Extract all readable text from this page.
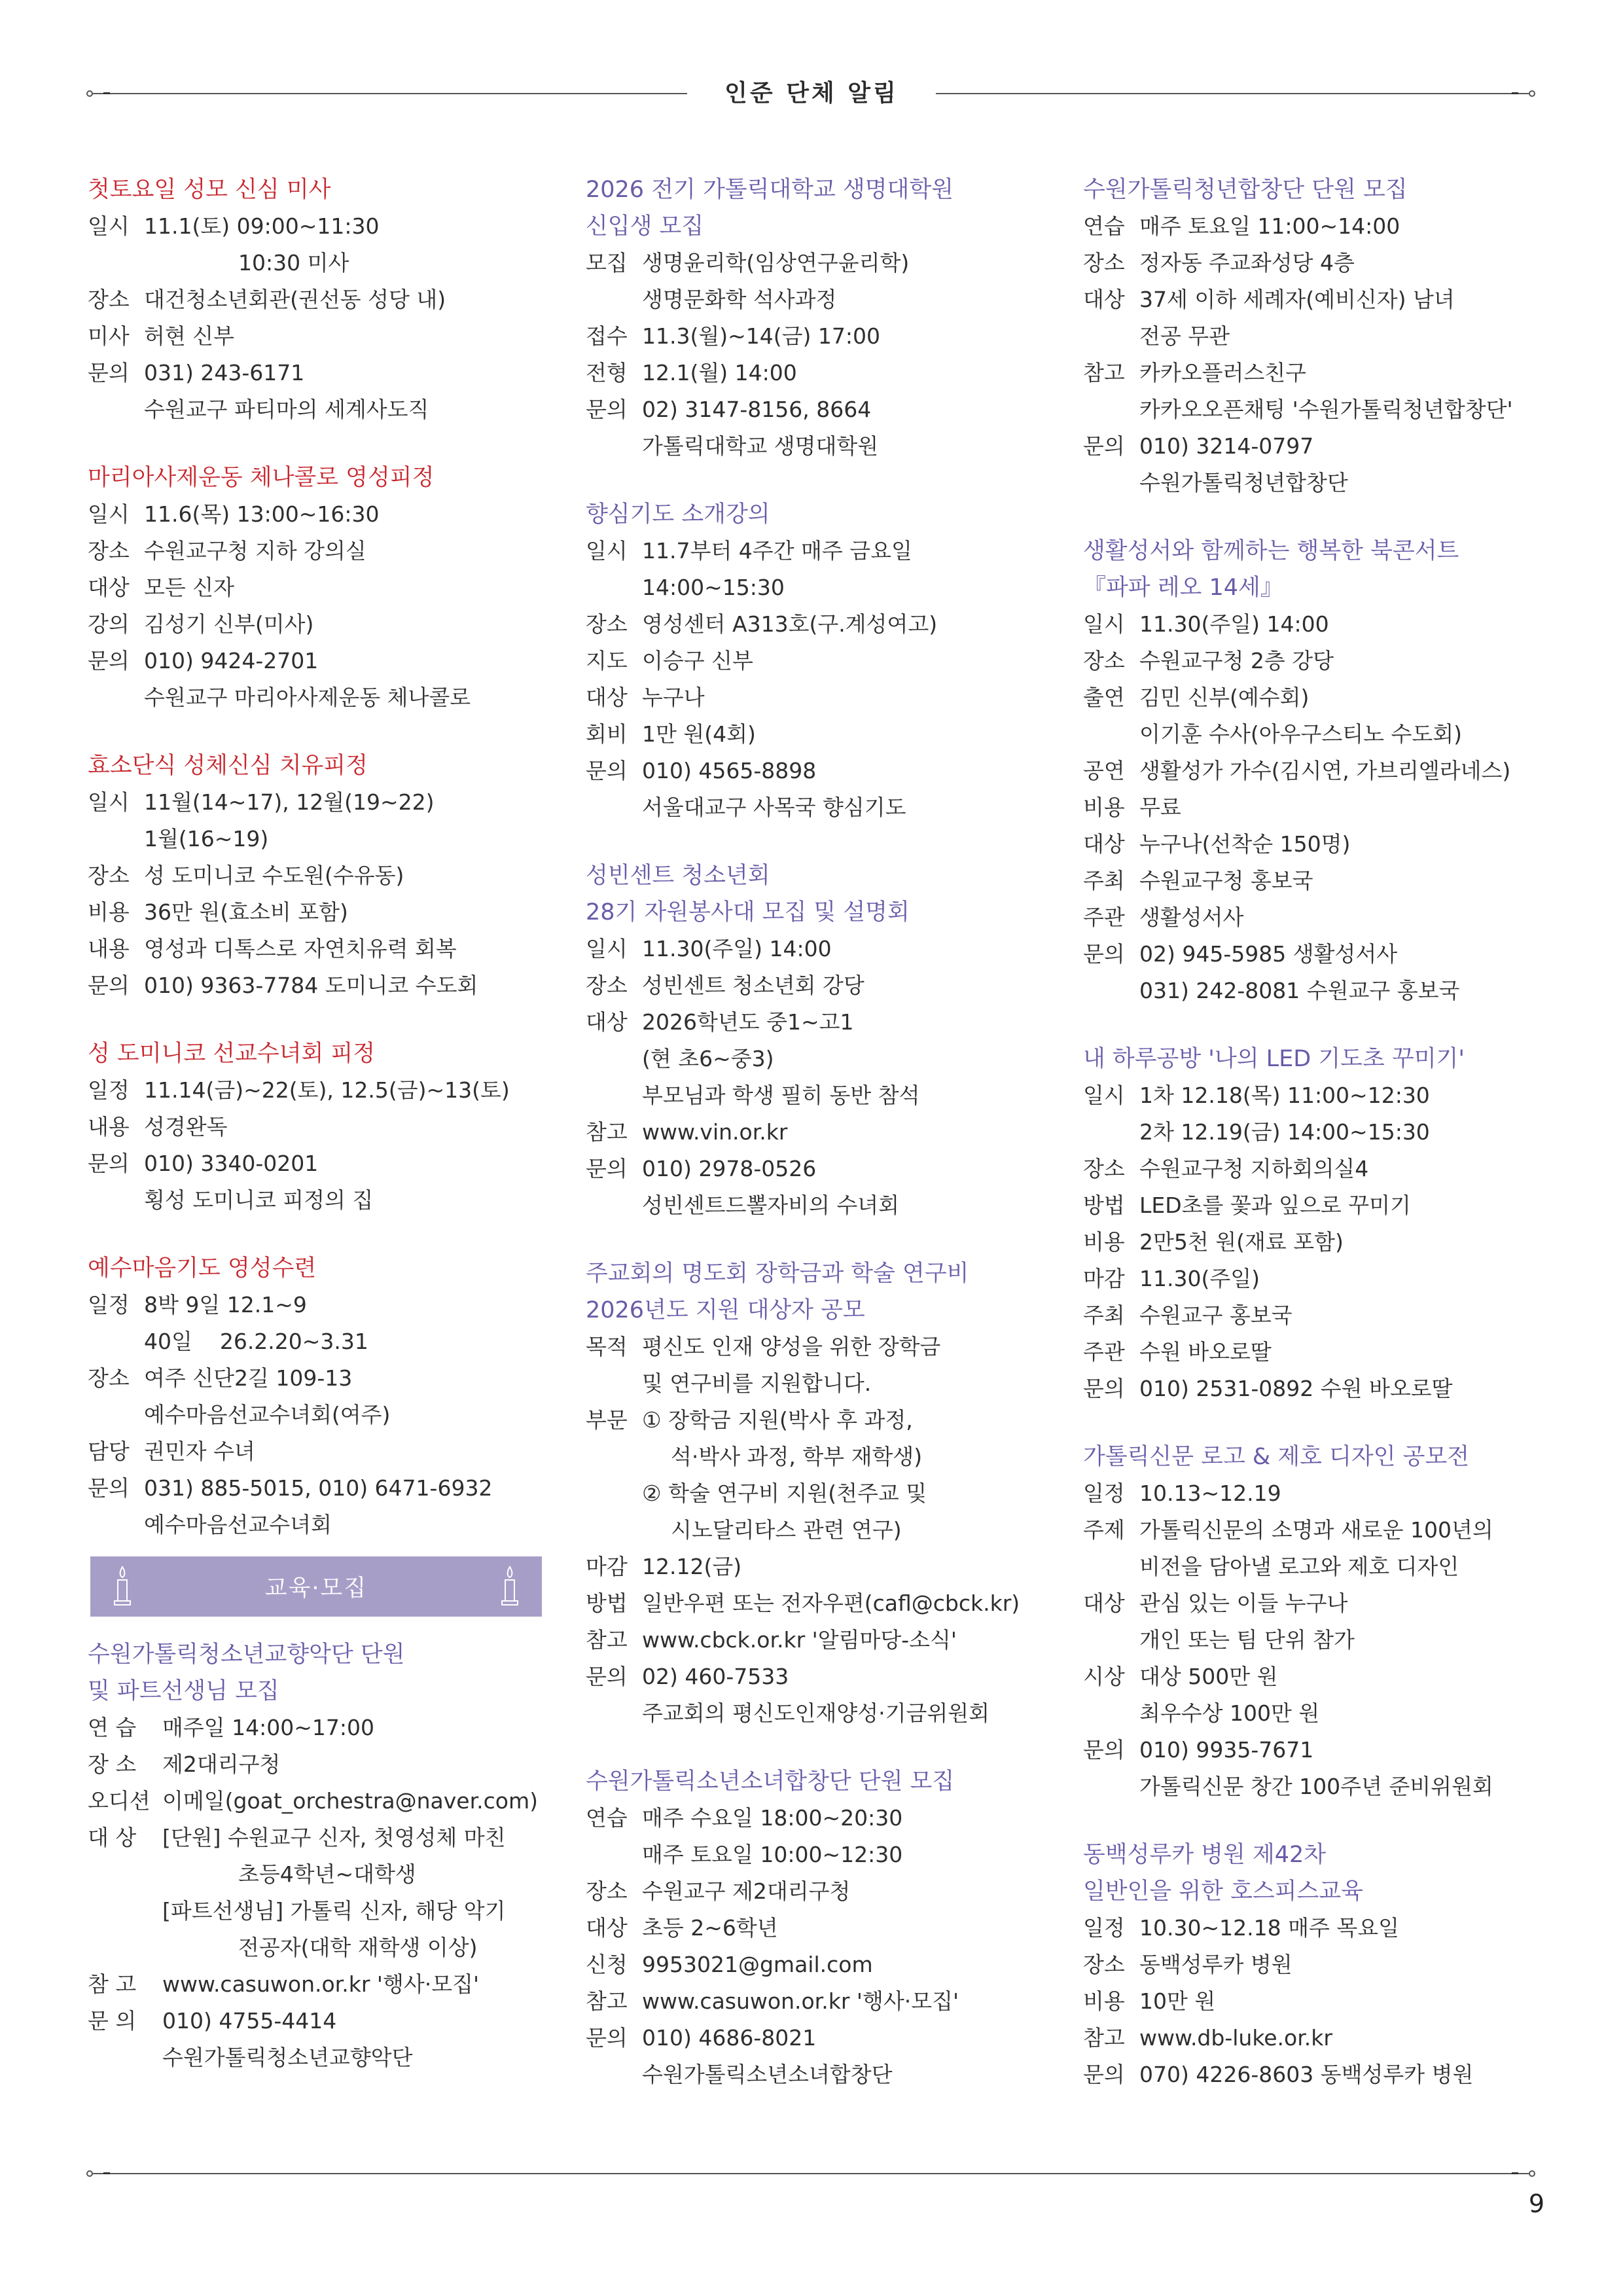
인준 단체 알림
첫토요일 성모 신심 미사
일시 11.1(토) 09:00~11:30
10:30 미사
장소 대건청소년회관(권선동 성당 내)
미사 허현 신부
문의 031) 243-6171
수원교구 파티마의 세계사도직
마리아사제운동 체나콜로 영성피정
일시 11.6(목) 13:00~16:30
장소 수원교구청 지하 강의실
대상 모든 신자
강의 김성기 신부(미사)
문의 010) 9424-2701
수원교구 마리아사제운동 체나콜로
효소단식 성체신심 치유피정
일시 11월(14~17), 12월(19~22)
1월(16~19)
장소 성 도미니코 수도원(수유동)
비용 36만 원(효소비 포함)
내용 영성과 디톡스로 자연치유력 회복
문의 010) 9363-7784 도미니코 수도회
성 도미니코 선교수녀회 피정
일정 11.14(금)~22(토), 12.5(금)~13(토)
내용 성경완독
문의 010) 3340-0201
횡성 도미니코 피정의 집
예수마음기도 영성수련
일정 8박 9일 12.1~9
40일    26.2.20~3.31
장소 여주 신단2길 109-13
예수마음선교수녀회(여주)
담당 권민자 수녀
문의 031) 885-5015, 010) 6471-6932
예수마음선교수녀회
교육·모집
수원가톨릭청소년교향악단 단원
및 파트선생님 모집
연 습	매주일 14:00~17:00
장 소	제2대리구청
오디션 이메일(goat_orchestra@naver.com)
대 상	[단원] 수원교구 신자, 첫영성체 마친
초등4학년~대학생
[파트선생님] 가톨릭 신자, 해당 악기
전공자(대학 재학생 이상)
참 고	www.casuwon.or.kr '행사·모집'
문 의	010) 4755-4414
수원가톨릭청소년교향악단
2026 전기 가톨릭대학교 생명대학원
신입생 모집
모집 생명윤리학(임상연구윤리학)
생명문화학 석사과정
접수 11.3(월)~14(금) 17:00
전형 12.1(월) 14:00
문의 02) 3147-8156, 8664
가톨릭대학교 생명대학원
향심기도 소개강의
일시 11.7부터 4주간 매주 금요일
14:00~15:30
장소 영성센터 A313호(구.계성여고)
지도 이승구 신부
대상 누구나
회비 1만 원(4회)
문의 010) 4565-8898
서울대교구 사목국 향심기도
성빈센트 청소년회
28기 자원봉사대 모집 및 설명회
일시 11.30(주일) 14:00
장소 성빈센트 청소년회 강당
대상 2026학년도 중1~고1
(현 초6~중3)
부모님과 학생 필히 동반 참석
참고 www.vin.or.kr
문의 010) 2978-0526
성빈센트드뽈자비의 수녀회
주교회의 명도회 장학금과 학술 연구비
2026년도 지원 대상자 공모
목적 평신도 인재 양성을 위한 장학금
및 연구비를 지원합니다.
부문 ① 장학금 지원(박사 후 과정,
석·박사 과정, 학부 재학생)
② 학술 연구비 지원(천주교 및
시노달리타스 관련 연구)
마감 12.12(금)
방법 일반우편 또는 전자우편(cafl@cbck.kr)
참고 www.cbck.or.kr '알림마당-소식'
문의 02) 460-7533
주교회의 평신도인재양성·기금위원회
수원가톨릭소년소녀합창단 단원 모집
연습 매주 수요일 18:00~20:30
매주 토요일 10:00~12:30
장소 수원교구 제2대리구청
대상 초등 2~6학년
신청 9953021@gmail.com
참고 www.casuwon.or.kr '행사·모집'
문의 010) 4686-8021
수원가톨릭소년소녀합창단
수원가톨릭청년합창단 단원 모집
연습 매주 토요일 11:00~14:00
장소 정자동 주교좌성당 4층
대상 37세 이하 세례자(예비신자) 남녀
전공 무관
참고 카카오플러스친구
카카오오픈채팅 '수원가톨릭청년합창단'
문의 010) 3214-0797
수원가톨릭청년합창단
생활성서와 함께하는 행복한 북콘서트
『파파 레오 14세』
일시 11.30(주일) 14:00
장소 수원교구청 2층 강당
출연 김민 신부(예수회)
이기훈 수사(아우구스티노 수도회)
공연 생활성가 가수(김시연, 가브리엘라네스)
비용 무료
대상 누구나(선착순 150명)
주최 수원교구청 홍보국
주관 생활성서사
문의 02) 945-5985 생활성서사
031) 242-8081 수원교구 홍보국
내 하루공방 '나의 LED 기도초 꾸미기'
일시 1차 12.18(목) 11:00~12:30
2차 12.19(금) 14:00~15:30
장소 수원교구청 지하회의실4
방법 LED초를 꽃과 잎으로 꾸미기
비용 2만5천 원(재료 포함)
마감 11.30(주일)
주최 수원교구 홍보국
주관 수원 바오로딸
문의 010) 2531-0892 수원 바오로딸
가톨릭신문 로고 & 제호 디자인 공모전
일정 10.13~12.19
주제 가톨릭신문의 소명과 새로운 100년의
비전을 담아낼 로고와 제호 디자인
대상 관심 있는 이들 누구나
개인 또는 팀 단위 참가
시상 대상 500만 원
최우수상 100만 원
문의 010) 9935-7671
가톨릭신문 창간 100주년 준비위원회
동백성루카 병원 제42차
일반인을 위한 호스피스교육
일정 10.30~12.18 매주 목요일
장소 동백성루카 병원
비용 10만 원
참고 www.db-luke.or.kr
문의 070) 4226-8603 동백성루카 병원
9
